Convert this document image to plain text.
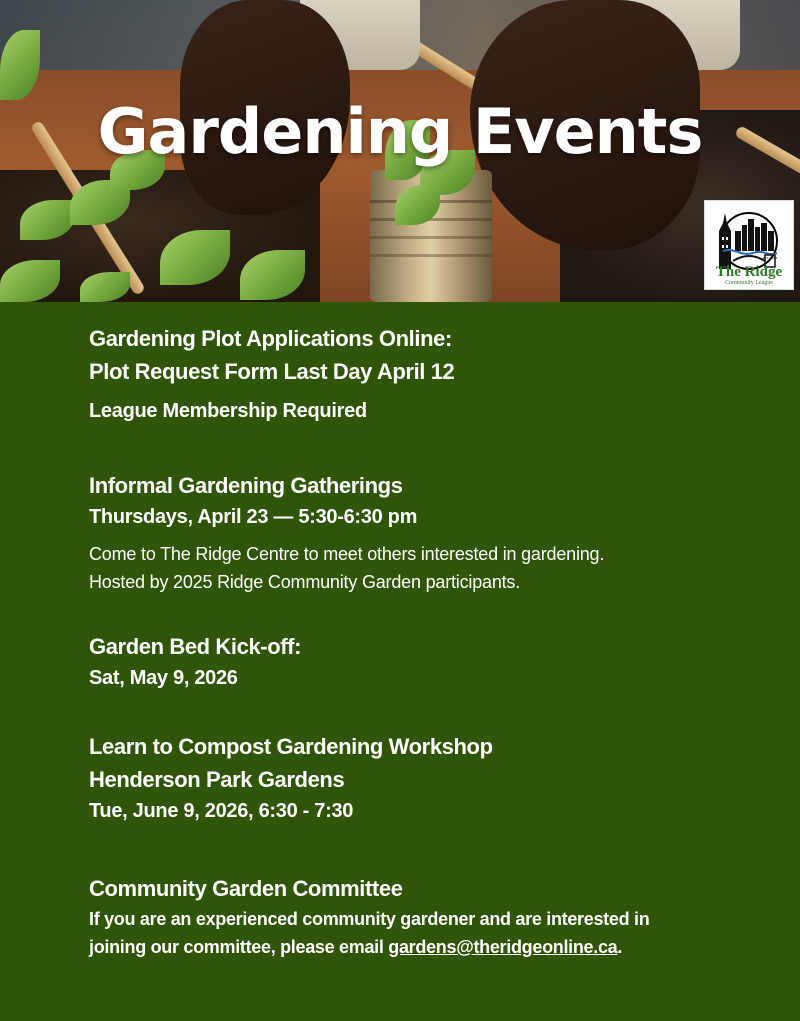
Gardening Events
EST. 1994
The Ridge
Community League

Gardening Plot Applications Online:

Plot Request Form Last Day April 12

League Membership Required

Informal Gardening Gatherings

Thursdays, April 23 — 5:30-6:30 pm

Come to The Ridge Centre to meet others interested in gardening.

Hosted by 2025 Ridge Community Garden participants.

Garden Bed Kick-off:

Sat, May 9, 2026

Learn to Compost Gardening Workshop

Henderson Park Gardens

Tue, June 9, 2026, 6:30 - 7:30

Community Garden Committee

If you are an experienced community gardener and are interested in

joining our committee, please email gardens@theridgeonline.ca.
